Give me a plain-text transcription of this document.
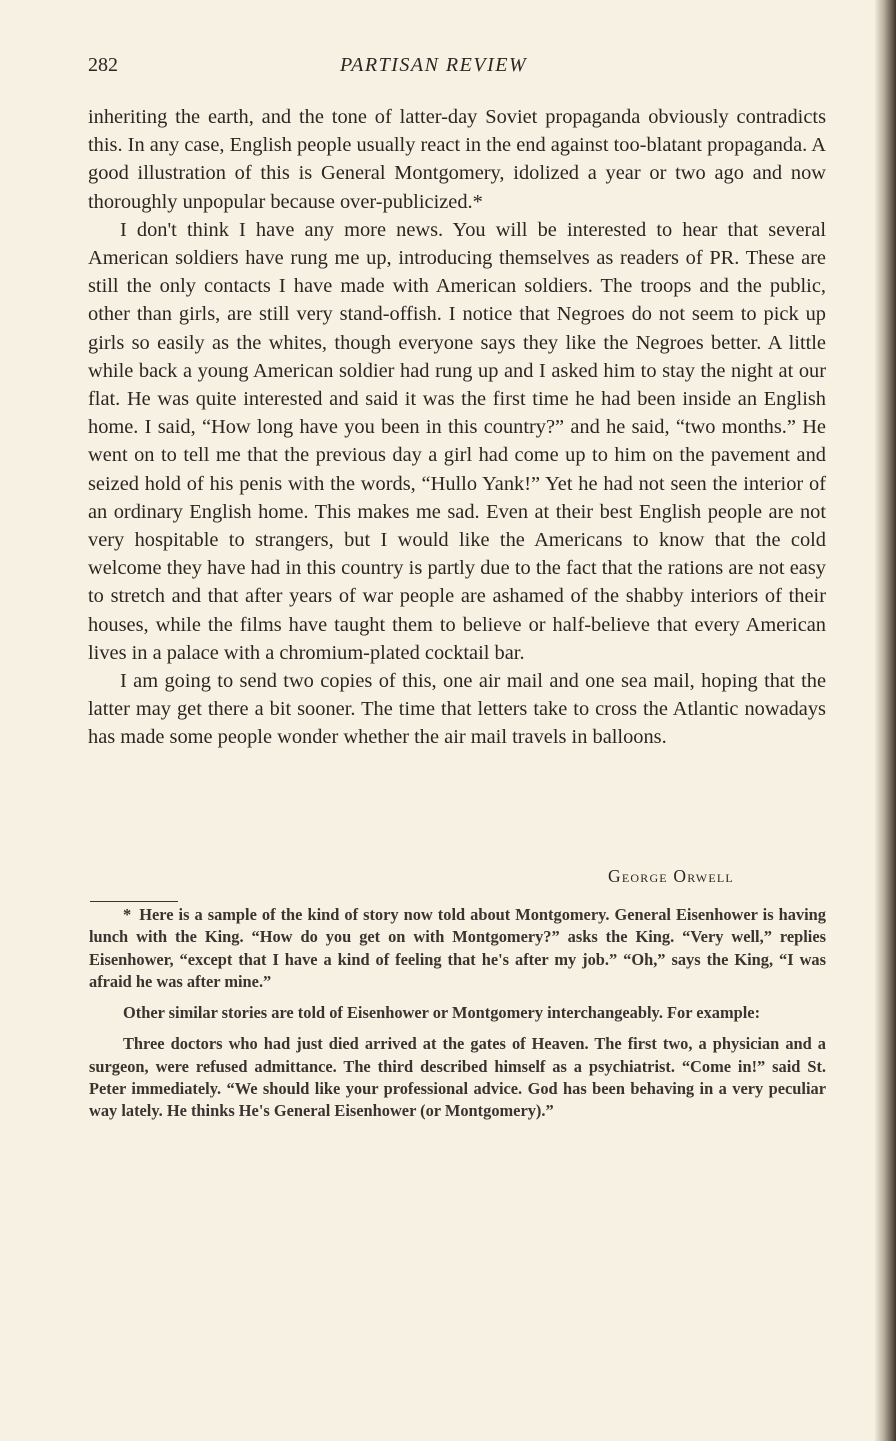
282	PARTISAN REVIEW

inheriting the earth, and the tone of latter-day Soviet propaganda obviously contradicts this. In any case, English people usually react in the end against too-blatant propaganda. A good illustration of this is General Montgomery, idolized a year or two ago and now thoroughly unpopular because over-publicized.*

I don't think I have any more news. You will be interested to hear that several American soldiers have rung me up, introducing themselves as readers of PR. These are still the only contacts I have made with American soldiers. The troops and the public, other than girls, are still very stand-offish. I notice that Negroes do not seem to pick up girls so easily as the whites, though everyone says they like the Negroes better. A little while back a young American soldier had rung up and I asked him to stay the night at our flat. He was quite interested and said it was the first time he had been inside an English home. I said, “How long have you been in this country?” and he said, “two months.” He went on to tell me that the previous day a girl had come up to him on the pavement and seized hold of his penis with the words, “Hullo Yank!” Yet he had not seen the interior of an ordinary English home. This makes me sad. Even at their best English people are not very hospitable to strangers, but I would like the Americans to know that the cold welcome they have had in this country is partly due to the fact that the rations are not easy to stretch and that after years of war people are ashamed of the shabby interiors of their houses, while the films have taught them to believe or half-believe that every American lives in a palace with a chromium-plated cocktail bar.

I am going to send two copies of this, one air mail and one sea mail, hoping that the latter may get there a bit sooner. The time that letters take to cross the Atlantic nowadays has made some people wonder whether the air mail travels in balloons.

George Orwell

* Here is a sample of the kind of story now told about Montgomery. General Eisenhower is having lunch with the King. “How do you get on with Montgomery?” asks the King. “Very well,” replies Eisenhower, “except that I have a kind of feeling that he's after my job.” “Oh,” says the King, “I was afraid he was after mine.”

Other similar stories are told of Eisenhower or Montgomery interchangeably. For example:

Three doctors who had just died arrived at the gates of Heaven. The first two, a physician and a surgeon, were refused admittance. The third described himself as a psychiatrist. “Come in!” said St. Peter immediately. “We should like your professional advice. God has been behaving in a very peculiar way lately. He thinks He's General Eisenhower (or Montgomery).”
